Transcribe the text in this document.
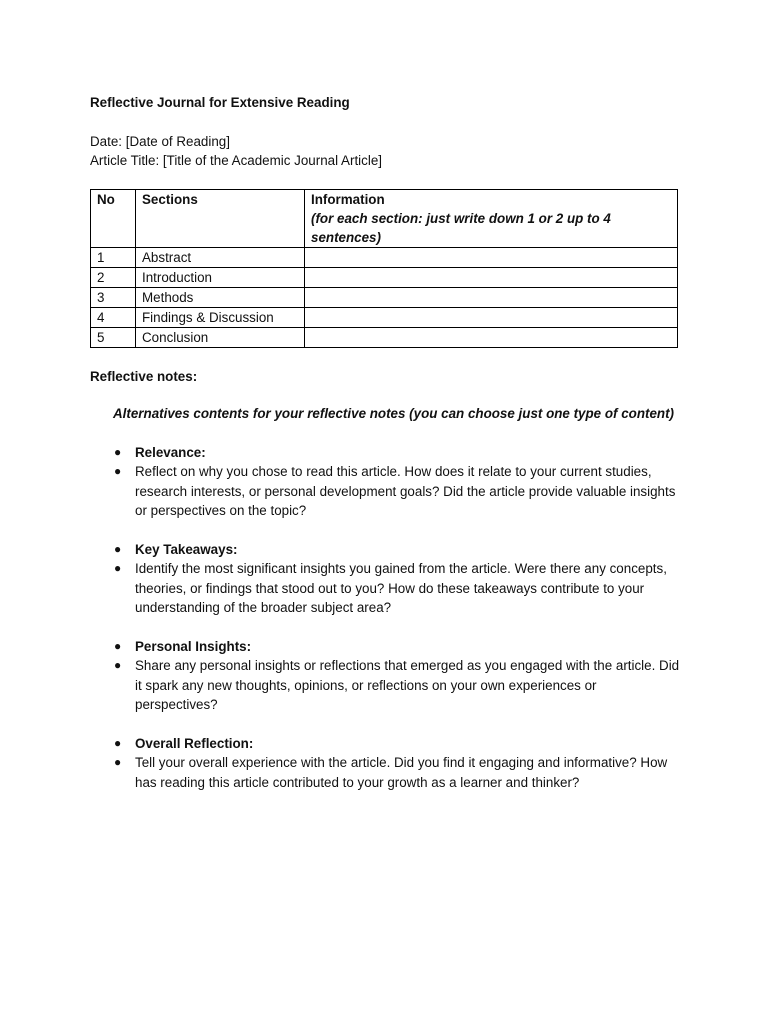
Reflective Journal for Extensive Reading
Date: [Date of Reading]
Article Title: [Title of the Academic Journal Article]
No	Sections	Information
(for each section: just write down 1 or 2 up to 4 sentences)

1	Abstract	
2	Introduction	
3	Methods	
4	Findings & Discussion	
5	Conclusion	
Reflective notes:
Alternatives contents for your reflective notes (you can choose just one type of content)
● Relevance:
● Reflect on why you chose to read this article. How does it relate to your current studies, research interests, or personal development goals? Did the article provide valuable insights or perspectives on the topic?
● Key Takeaways:
● Identify the most significant insights you gained from the article. Were there any concepts, theories, or findings that stood out to you? How do these takeaways contribute to your understanding of the broader subject area?
● Personal Insights:
● Share any personal insights or reflections that emerged as you engaged with the article. Did it spark any new thoughts, opinions, or reflections on your own experiences or perspectives?
● Overall Reflection:
● Tell your overall experience with the article. Did you find it engaging and informative? How has reading this article contributed to your growth as a learner and thinker?
